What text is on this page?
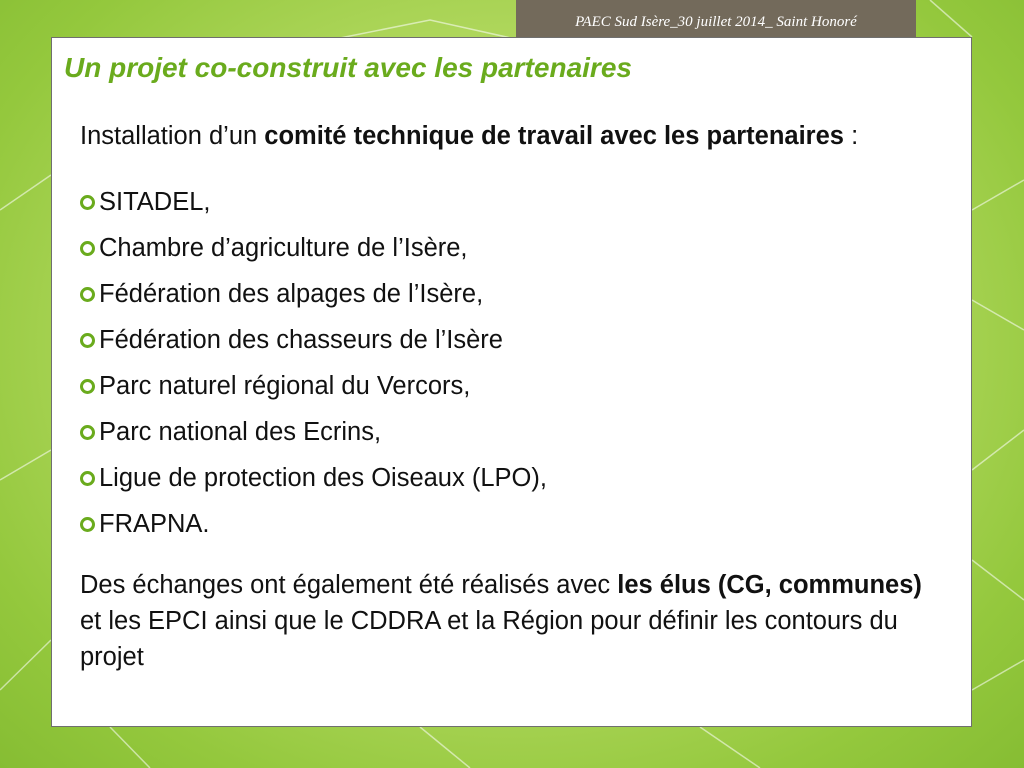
PAEC Sud Isère_30 juillet 2014_ Saint Honoré
Un projet co-construit avec les partenaires

Installation d’un comité technique de travail avec les partenaires :

SITADEL,
Chambre d’agriculture de l’Isère,
Fédération des alpages de l’Isère,
Fédération des chasseurs de l’Isère
Parc naturel régional du Vercors,
Parc national des Ecrins,
Ligue de protection des Oiseaux (LPO),
FRAPNA.

Des échanges ont également été réalisés avec les élus (CG, communes) et les EPCI ainsi que le CDDRA et la Région pour définir les contours du projet
